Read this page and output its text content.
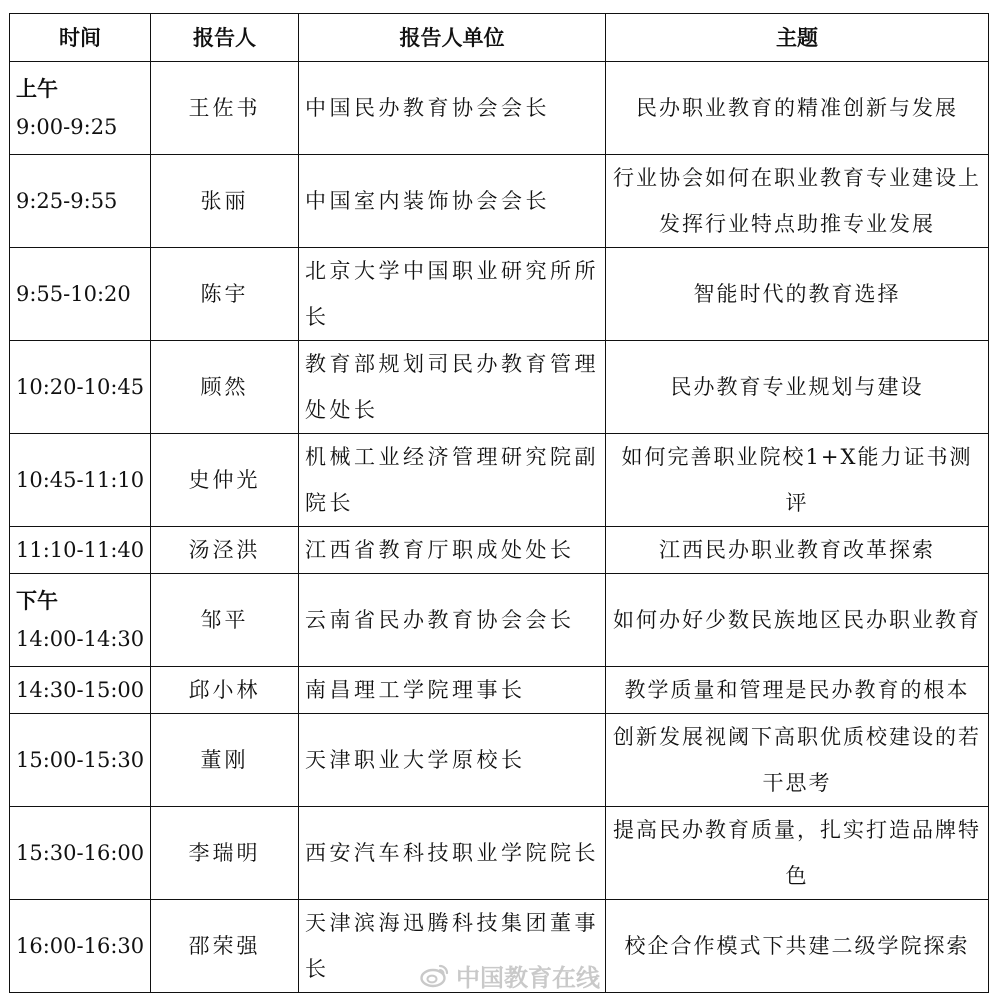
时间	报告人	报告人单位	主题

上午
9:00-9:25	王佐书	中国民办教育协会会长	民办职业教育的精准创新与发展

9:25-9:55	张丽	中国室内装饰协会会长	行业协会如何在职业教育专业建设上发挥行业特点助推专业发展

9:55-10:20	陈宇	北京大学中国职业研究所所长	智能时代的教育选择

10:20-10:45	顾然	教育部规划司民办教育管理处处长	民办教育专业规划与建设

10:45-11:10	史仲光	机械工业经济管理研究院副院长	如何完善职业院校1+X能力证书测评

11:10-11:40	汤泾洪	江西省教育厅职成处处长	江西民办职业教育改革探索

下午
14:00-14:30	邹平	云南省民办教育协会会长	如何办好少数民族地区民办职业教育

14:30-15:00	邱小林	南昌理工学院理事长	教学质量和管理是民办教育的根本

15:00-15:30	董刚	天津职业大学原校长	创新发展视阈下高职优质校建设的若干思考

15:30-16:00	李瑞明	西安汽车科技职业学院院长	提高民办教育质量，扎实打造品牌特色

16:00-16:30	邵荣强	天津滨海迅腾科技集团董事长	校企合作模式下共建二级学院探索
中国教育在线
